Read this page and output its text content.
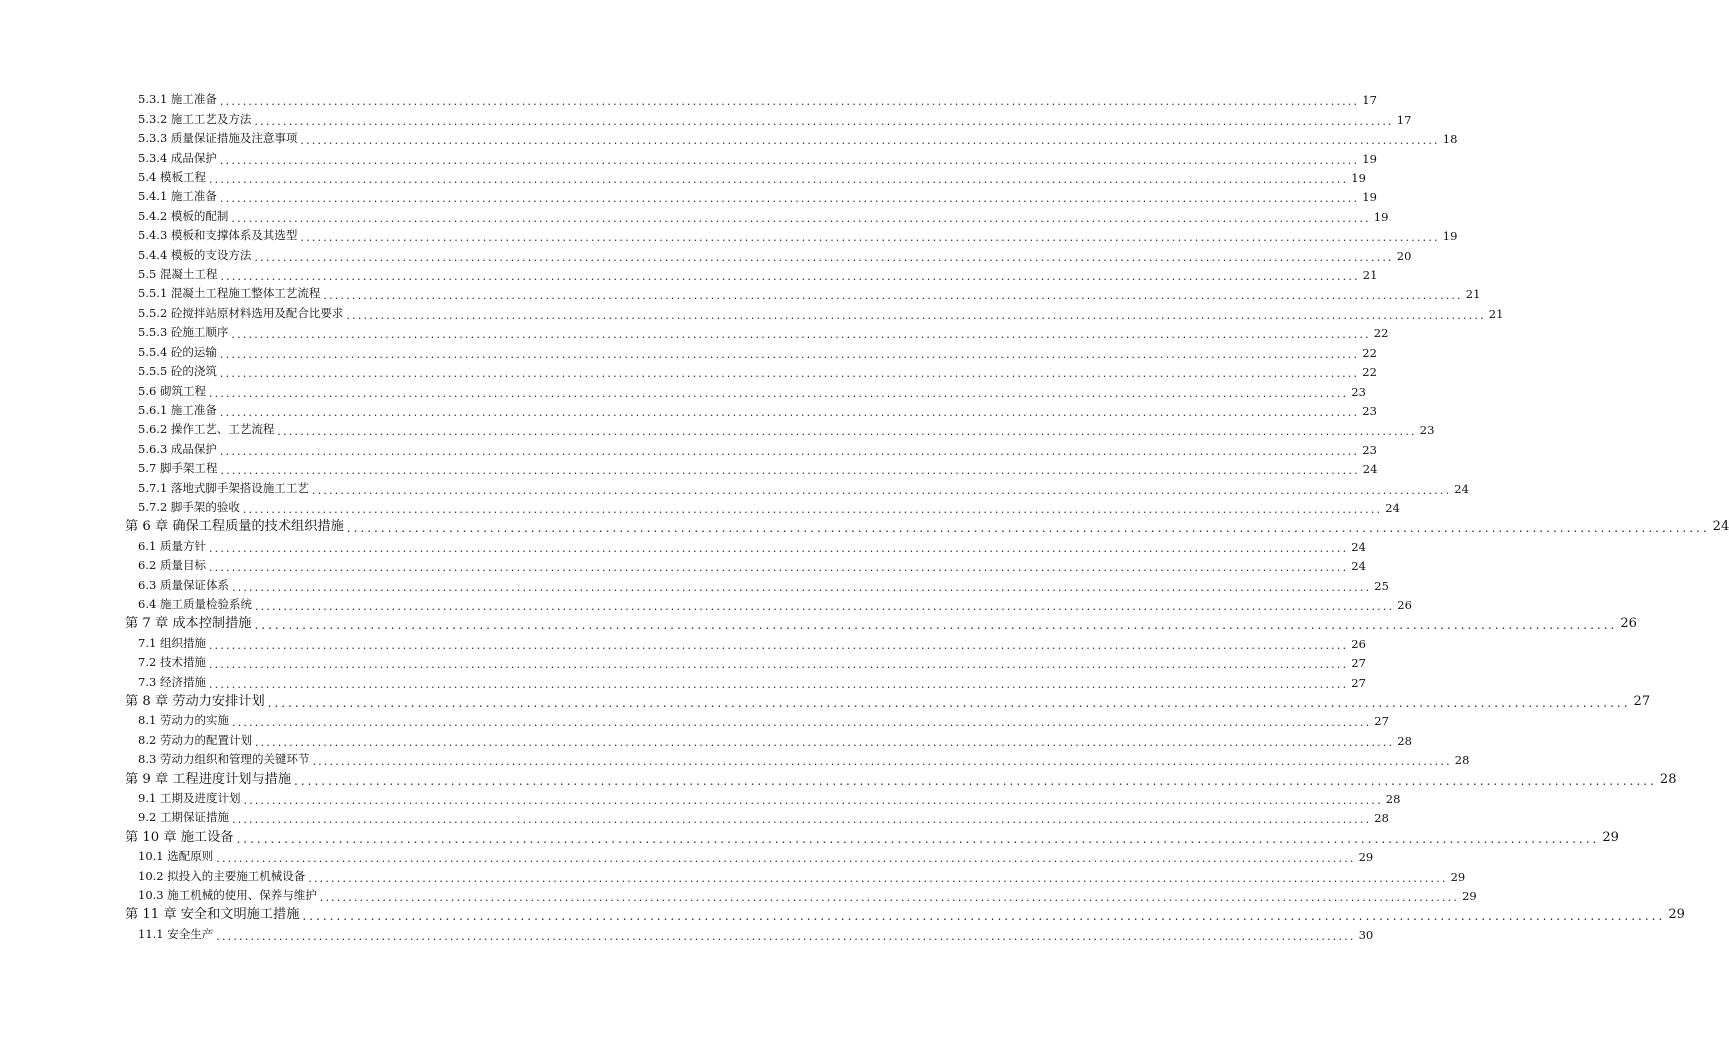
5.3.1 施工准备 ........................................................................................................................................................................................................ 17
5.3.2 施工工艺及方法 ........................................................................................................................................................................................................ 17
5.3.3 质量保证措施及注意事项 ........................................................................................................................................................................................................ 18
5.3.4 成品保护 ........................................................................................................................................................................................................ 19
5.4 模板工程 ........................................................................................................................................................................................................ 19
5.4.1 施工准备 ........................................................................................................................................................................................................ 19
5.4.2 模板的配制 ........................................................................................................................................................................................................ 19
5.4.3 模板和支撑体系及其选型 ........................................................................................................................................................................................................ 19
5.4.4 模板的支设方法 ........................................................................................................................................................................................................ 20
5.5 混凝土工程 ........................................................................................................................................................................................................ 21
5.5.1 混凝土工程施工整体工艺流程 ........................................................................................................................................................................................................ 21
5.5.2 砼搅拌站原材料选用及配合比要求 ........................................................................................................................................................................................................ 21
5.5.3 砼施工顺序 ........................................................................................................................................................................................................ 22
5.5.4 砼的运输 ........................................................................................................................................................................................................ 22
5.5.5 砼的浇筑 ........................................................................................................................................................................................................ 22
5.6 砌筑工程 ........................................................................................................................................................................................................ 23
5.6.1 施工准备 ........................................................................................................................................................................................................ 23
5.6.2 操作工艺、工艺流程 ........................................................................................................................................................................................................ 23
5.6.3 成品保护 ........................................................................................................................................................................................................ 23
5.7 脚手架工程 ........................................................................................................................................................................................................ 24
5.7.1 落地式脚手架搭设施工工艺 ........................................................................................................................................................................................................ 24
5.7.2 脚手架的验收 ........................................................................................................................................................................................................ 24
第 6 章 确保工程质量的技术组织措施 ........................................................................................................................................................................................................ 24
6.1 质量方针 ........................................................................................................................................................................................................ 24
6.2 质量目标 ........................................................................................................................................................................................................ 24
6.3 质量保证体系 ........................................................................................................................................................................................................ 25
6.4 施工质量检验系统 ........................................................................................................................................................................................................ 26
第 7 章 成本控制措施 ........................................................................................................................................................................................................ 26
7.1 组织措施 ........................................................................................................................................................................................................ 26
7.2 技术措施 ........................................................................................................................................................................................................ 27
7.3 经济措施 ........................................................................................................................................................................................................ 27
第 8 章 劳动力安排计划 ........................................................................................................................................................................................................ 27
8.1 劳动力的实施 ........................................................................................................................................................................................................ 27
8.2 劳动力的配置计划 ........................................................................................................................................................................................................ 28
8.3 劳动力组织和管理的关键环节 ........................................................................................................................................................................................................ 28
第 9 章 工程进度计划与措施 ........................................................................................................................................................................................................ 28
9.1 工期及进度计划 ........................................................................................................................................................................................................ 28
9.2 工期保证措施 ........................................................................................................................................................................................................ 28
第 10 章 施工设备 ........................................................................................................................................................................................................ 29
10.1 选配原则 ........................................................................................................................................................................................................ 29
10.2 拟投入的主要施工机械设备 ........................................................................................................................................................................................................ 29
10.3 施工机械的使用、保养与维护 ........................................................................................................................................................................................................ 29
第 11 章 安全和文明施工措施 ........................................................................................................................................................................................................ 29
11.1 安全生产 ........................................................................................................................................................................................................ 30
